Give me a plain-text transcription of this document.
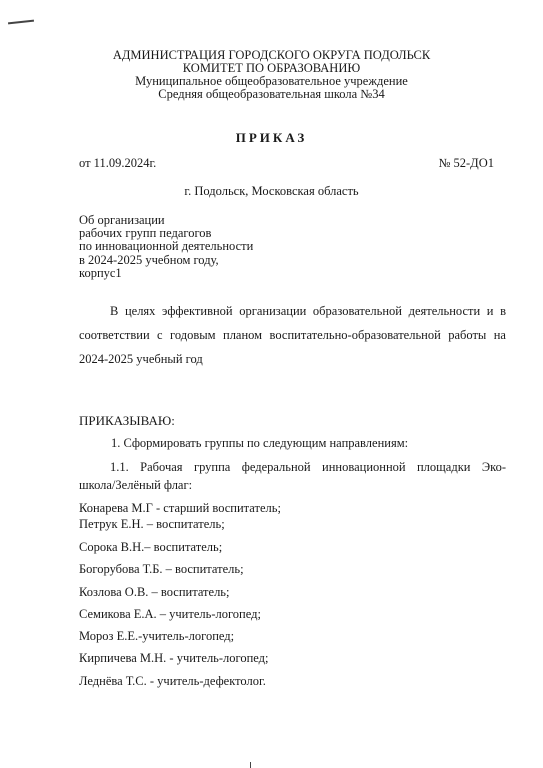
АДМИНИСТРАЦИЯ ГОРОДСКОГО ОКРУГА ПОДОЛЬСК
КОМИТЕТ ПО ОБРАЗОВАНИЮ
Муниципальное общеобразовательное учреждение
Средняя общеобразовательная школа №34
ПРИКАЗ
от 11.09.2024г.	№ 52-ДО1
г. Подольск, Московская область
Об организации
рабочих групп педагогов
по инновационной деятельности
в 2024-2025 учебном году,
корпус1
В целях эффективной организации образовательной деятельности и в
соответствии с годовым планом воспитательно-образовательной работы на
2024-2025 учебный год
ПРИКАЗЫВАЮ:
1. Сформировать группы по следующим направлениям:
1.1. Рабочая группа федеральной инновационной площадки Эко-
школа/Зелёный флаг:
Конарева М.Г - старший воспитатель;
Петрук Е.Н. – воспитатель;
Сорока В.Н.– воспитатель;
Богорубова Т.Б. – воспитатель;
Козлова О.В. – воспитатель;
Семикова Е.А. – учитель-логопед;
Мороз Е.Е.-учитель-логопед;
Кирпичева М.Н. - учитель-логопед;
Леднёва Т.С. - учитель-дефектолог.
